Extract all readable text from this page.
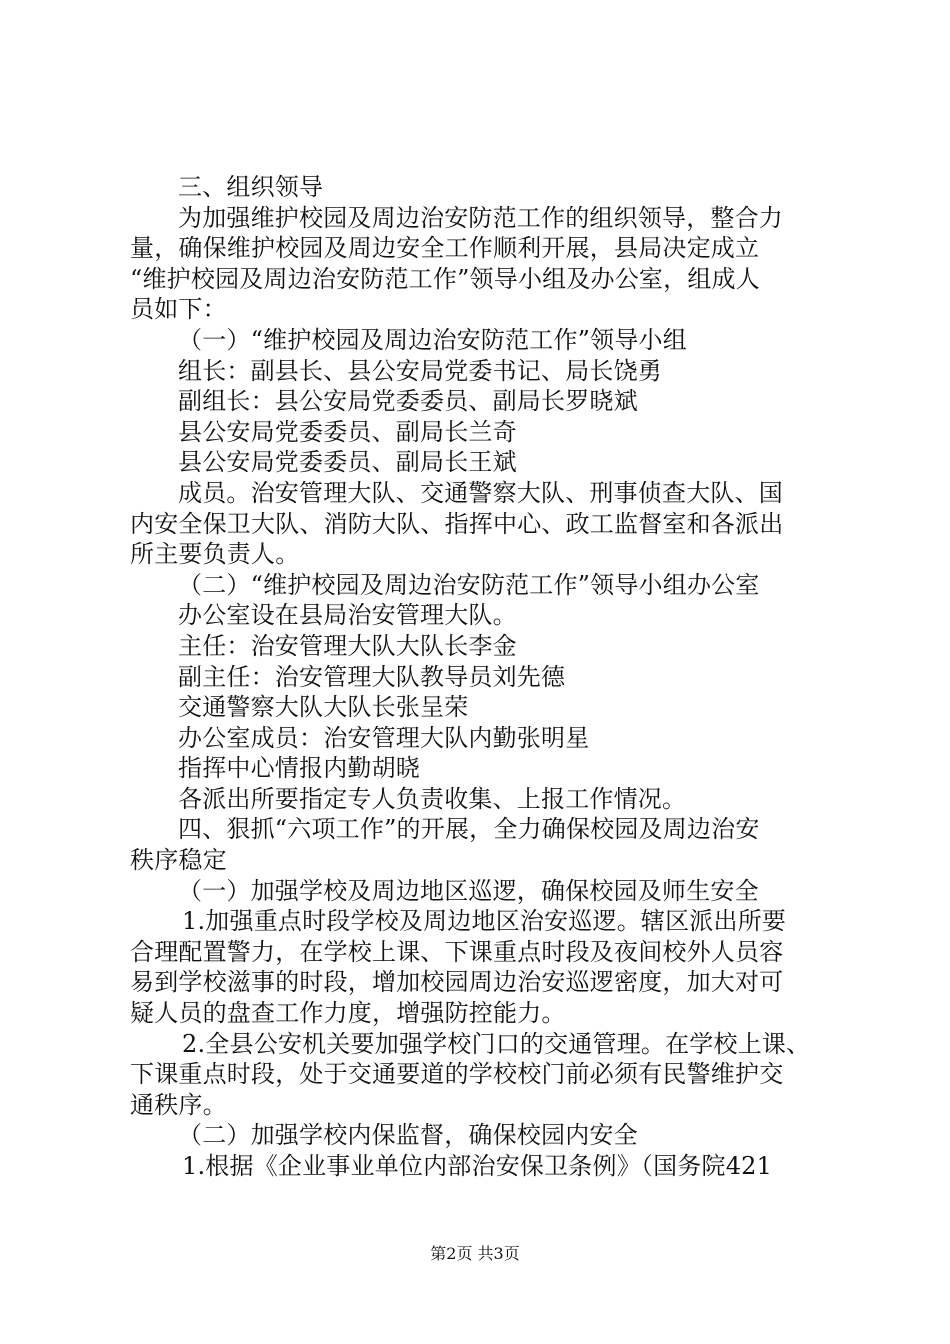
三、组织领导
为加强维护校园及周边治安防范工作的组织领导，整合力
量，确保维护校园及周边安全工作顺利开展，县局决定成立
“维护校园及周边治安防范工作”领导小组及办公室，组成人
员如下：
（一）“维护校园及周边治安防范工作”领导小组
组长：副县长、县公安局党委书记、局长饶勇
副组长：县公安局党委委员、副局长罗晓斌
县公安局党委委员、副局长兰奇
县公安局党委委员、副局长王斌
成员。治安管理大队、交通警察大队、刑事侦查大队、国
内安全保卫大队、消防大队、指挥中心、政工监督室和各派出
所主要负责人。
（二）“维护校园及周边治安防范工作”领导小组办公室
办公室设在县局治安管理大队。
主任：治安管理大队大队长李金
副主任：治安管理大队教导员刘先德
交通警察大队大队长张呈荣
办公室成员：治安管理大队内勤张明星
指挥中心情报内勤胡晓
各派出所要指定专人负责收集、上报工作情况。
四、狠抓“六项工作”的开展，全力确保校园及周边治安
秩序稳定
（一）加强学校及周边地区巡逻，确保校园及师生安全
1.加强重点时段学校及周边地区治安巡逻。辖区派出所要
合理配置警力，在学校上课、下课重点时段及夜间校外人员容
易到学校滋事的时段，增加校园周边治安巡逻密度，加大对可
疑人员的盘查工作力度，增强防控能力。
2.全县公安机关要加强学校门口的交通管理。在学校上课、
下课重点时段，处于交通要道的学校校门前必须有民警维护交
通秩序。
（二）加强学校内保监督，确保校园内安全
1.根据《企业事业单位内部治安保卫条例》（国务院421
第2页 共3页
